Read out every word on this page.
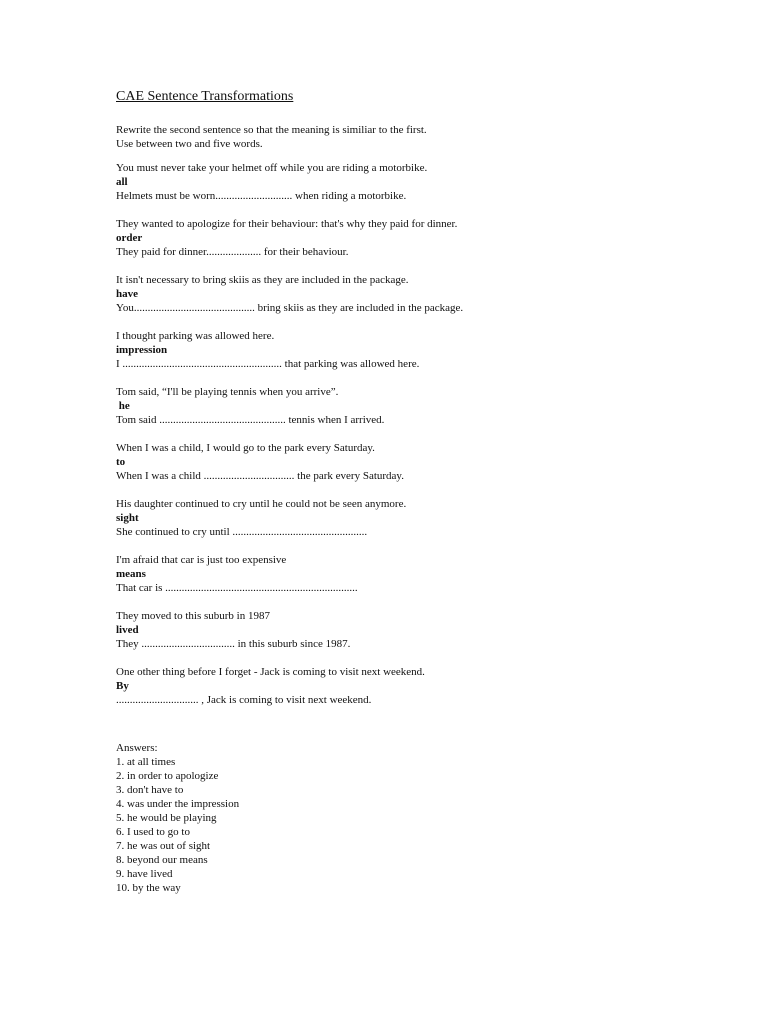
CAE Sentence Transformations
Rewrite the second sentence so that the meaning is similiar to the first.
Use between two and five words.
You must never take your helmet off while you are riding a motorbike.
all
Helmets must be worn............................ when riding a motorbike.
They wanted to apologize for their behaviour: that's why they paid for dinner.
order
They paid for dinner.................... for their behaviour.
It isn't necessary to bring skiis as they are included in the package.
have
You............................................ bring skiis as they are included in the package.
I thought parking was allowed here.
impression
I .......................................................... that parking was allowed here.
Tom said, “I'll be playing tennis when you arrive”.
he
Tom said .............................................. tennis when I arrived.
When I was a child, I would go to the park every Saturday.
to
When I was a child ................................. the park every Saturday.
His daughter continued to cry until he could not be seen anymore.
sight
She continued to cry until .................................................
I'm afraid that car is just too expensive
means
That car is ......................................................................
They moved to this suburb in 1987
lived
They .................................. in this suburb since 1987.
One other thing before I forget - Jack is coming to visit next weekend.
By
.............................. , Jack is coming to visit next weekend.
Answers:
1. at all times
2. in order to apologize
3. don't have to
4. was under the impression
5. he would be playing
6. I used to go to
7. he was out of sight
8. beyond our means
9. have lived
10. by the way
